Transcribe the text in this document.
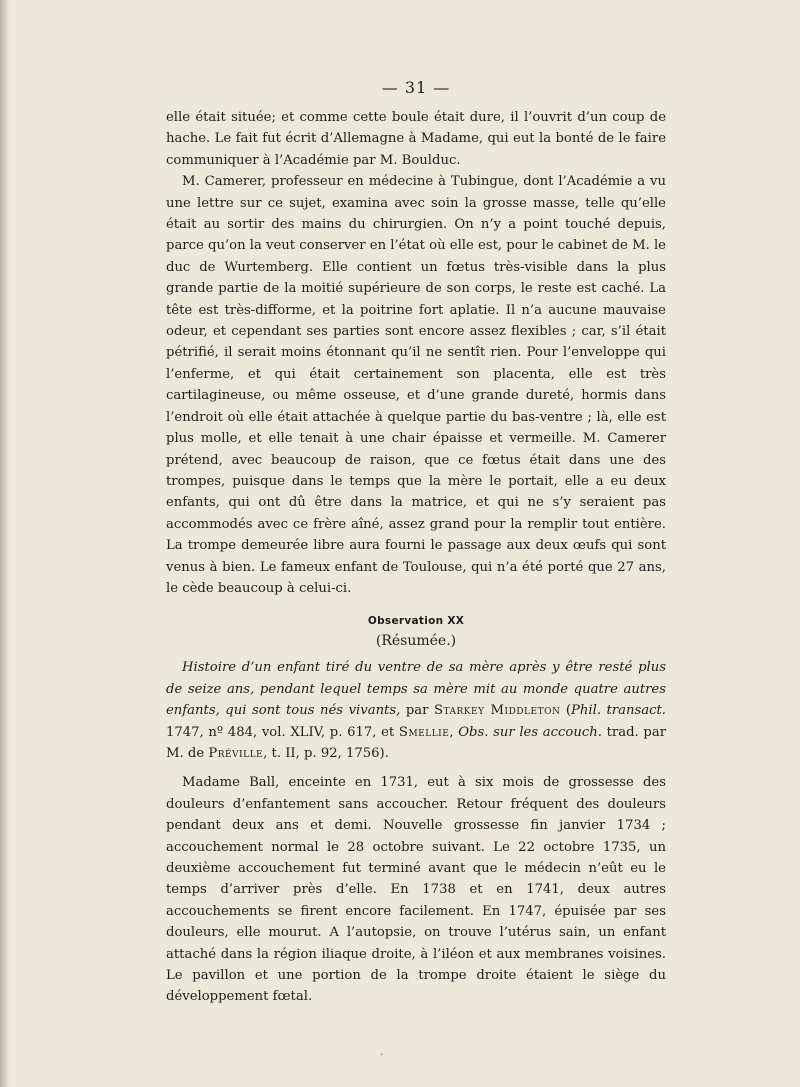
— 31 —

elle était située; et comme cette boule était dure, il l’ouvrit d’un coup de hache. Le fait fut écrit d’Allemagne à Madame, qui eut la bonté de le faire communiquer à l’Académie par M. Boulduc.

M. Camerer, professeur en médecine à Tubingue, dont l’Académie a vu une lettre sur ce sujet, examina avec soin la grosse masse, telle qu’elle était au sortir des mains du chirurgien. On n’y a point touché depuis, parce qu’on la veut conserver en l’état où elle est, pour le cabinet de M. le duc de Wurtemberg. Elle contient un fœtus très-visible dans la plus grande partie de la moitié supérieure de son corps, le reste est caché. La tête est très-difforme, et la poitrine fort aplatie. Il n’a aucune mauvaise odeur, et cependant ses parties sont encore assez flexibles ; car, s’il était pétrifié, il serait moins étonnant qu’il ne sentît rien. Pour l’enveloppe qui l’enferme, et qui était certainement son placenta, elle est très cartilagineuse, ou même osseuse, et d’une grande dureté, hormis dans l’endroit où elle était attachée à quelque partie du bas-ventre ; là, elle est plus molle, et elle tenait à une chair épaisse et vermeille. M. Camerer prétend, avec beaucoup de raison, que ce fœtus était dans une des trompes, puisque dans le temps que la mère le portait, elle a eu deux enfants, qui ont dû être dans la matrice, et qui ne s’y seraient pas accommodés avec ce frère aîné, assez grand pour la remplir tout entière. La trompe demeurée libre aura fourni le passage aux deux œufs qui sont venus à bien. Le fameux enfant de Toulouse, qui n’a été porté que 27 ans, le cède beaucoup à celui-ci.

Observation XX
(Résumée.)

Histoire d’un enfant tiré du ventre de sa mère après y être resté plus de seize ans, pendant lequel temps sa mère mit au monde quatre autres enfants, qui sont tous nés vivants, par Starkey Middleton (Phil. transact. 1747, nº 484, vol. XLIV, p. 617, et Smellie, Obs. sur les accouch. trad. par M. de Préville, t. II, p. 92, 1756).

Madame Ball, enceinte en 1731, eut à six mois de grossesse des douleurs d’enfantement sans accoucher. Retour fréquent des douleurs pendant deux ans et demi. Nouvelle grossesse fin janvier 1734 ; accouchement normal le 28 octobre suivant. Le 22 octobre 1735, un deuxième accouchement fut terminé avant que le médecin n’eût eu le temps d’arriver près d’elle. En 1738 et en 1741, deux autres accouchements se firent encore facilement. En 1747, épuisée par ses douleurs, elle mourut. A l’autopsie, on trouve l’utérus sain, un enfant attaché dans la région iliaque droite, à l’iléon et aux membranes voisines. Le pavillon et une portion de la trompe droite étaient le siège du développement fœtal.

·
